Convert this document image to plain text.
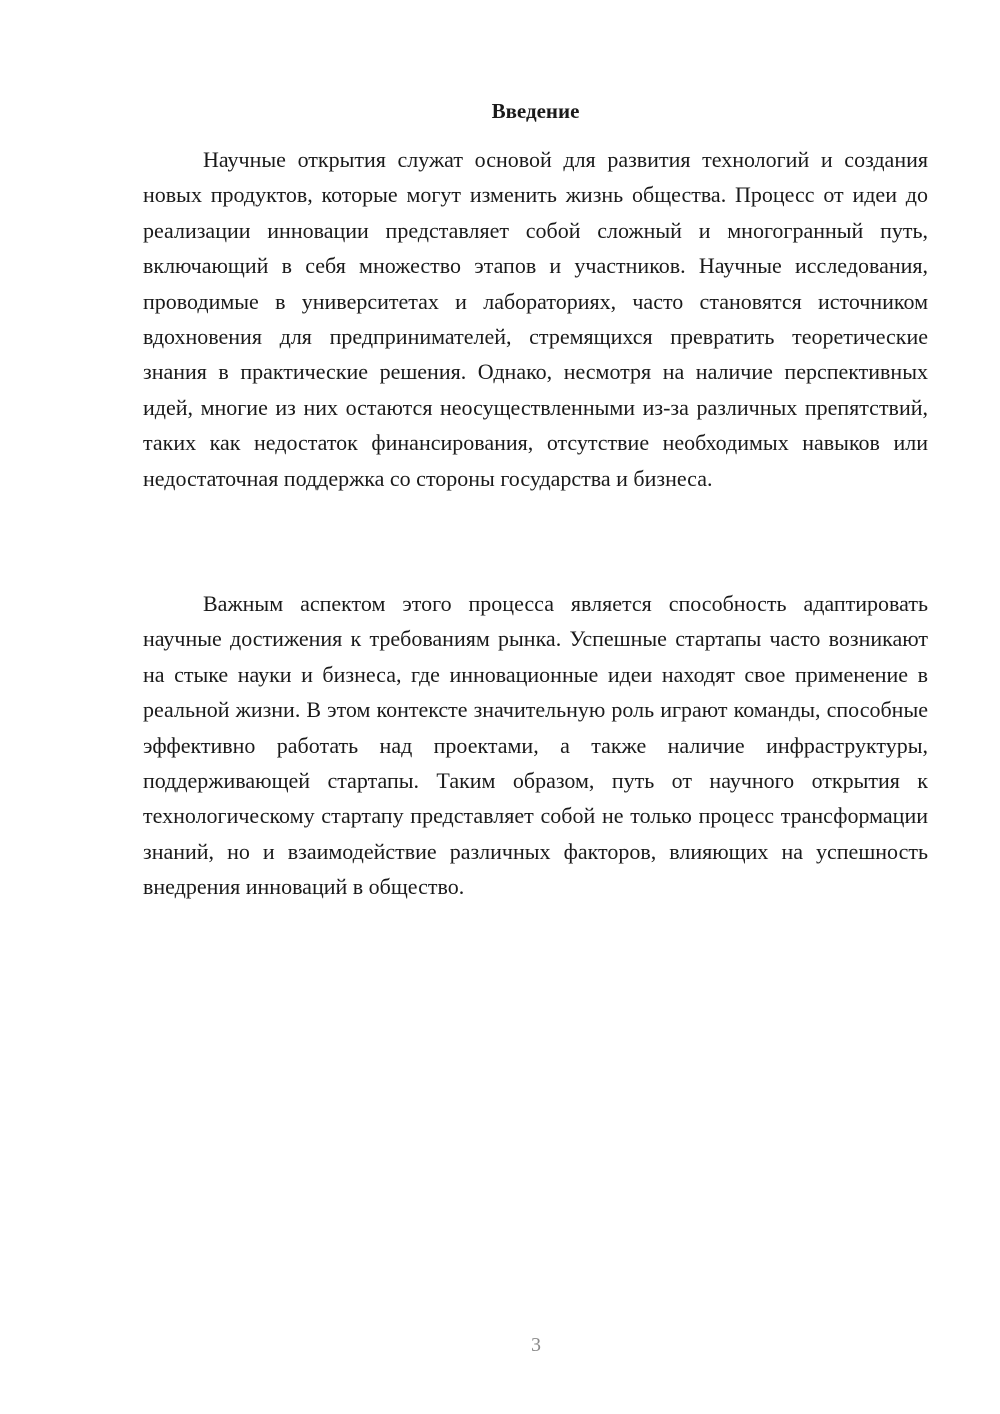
Введение

Научные открытия служат основой для развития технологий и создания новых продуктов, которые могут изменить жизнь общества. Процесс от идеи до реализации инновации представляет собой сложный и многогранный путь, включающий в себя множество этапов и участников. Научные исследования, проводимые в университетах и лабораториях, часто становятся источником вдохновения для предпринимателей, стремящихся превратить теоретические знания в практические решения. Однако, несмотря на наличие перспективных идей, многие из них остаются неосуществленными из-за различных препятствий, таких как недостаток финансирования, отсутствие необходимых навыков или недостаточная поддержка со стороны государства и бизнеса.

Важным аспектом этого процесса является способность адаптировать научные достижения к требованиям рынка. Успешные стартапы часто возникают на стыке науки и бизнеса, где инновационные идеи находят свое применение в реальной жизни. В этом контексте значительную роль играют команды, способные эффективно работать над проектами, а также наличие инфраструктуры, поддерживающей стартапы. Таким образом, путь от научного открытия к технологическому стартапу представляет собой не только процесс трансформации знаний, но и взаимодействие различных факторов, влияющих на успешность внедрения инноваций в общество.

3
